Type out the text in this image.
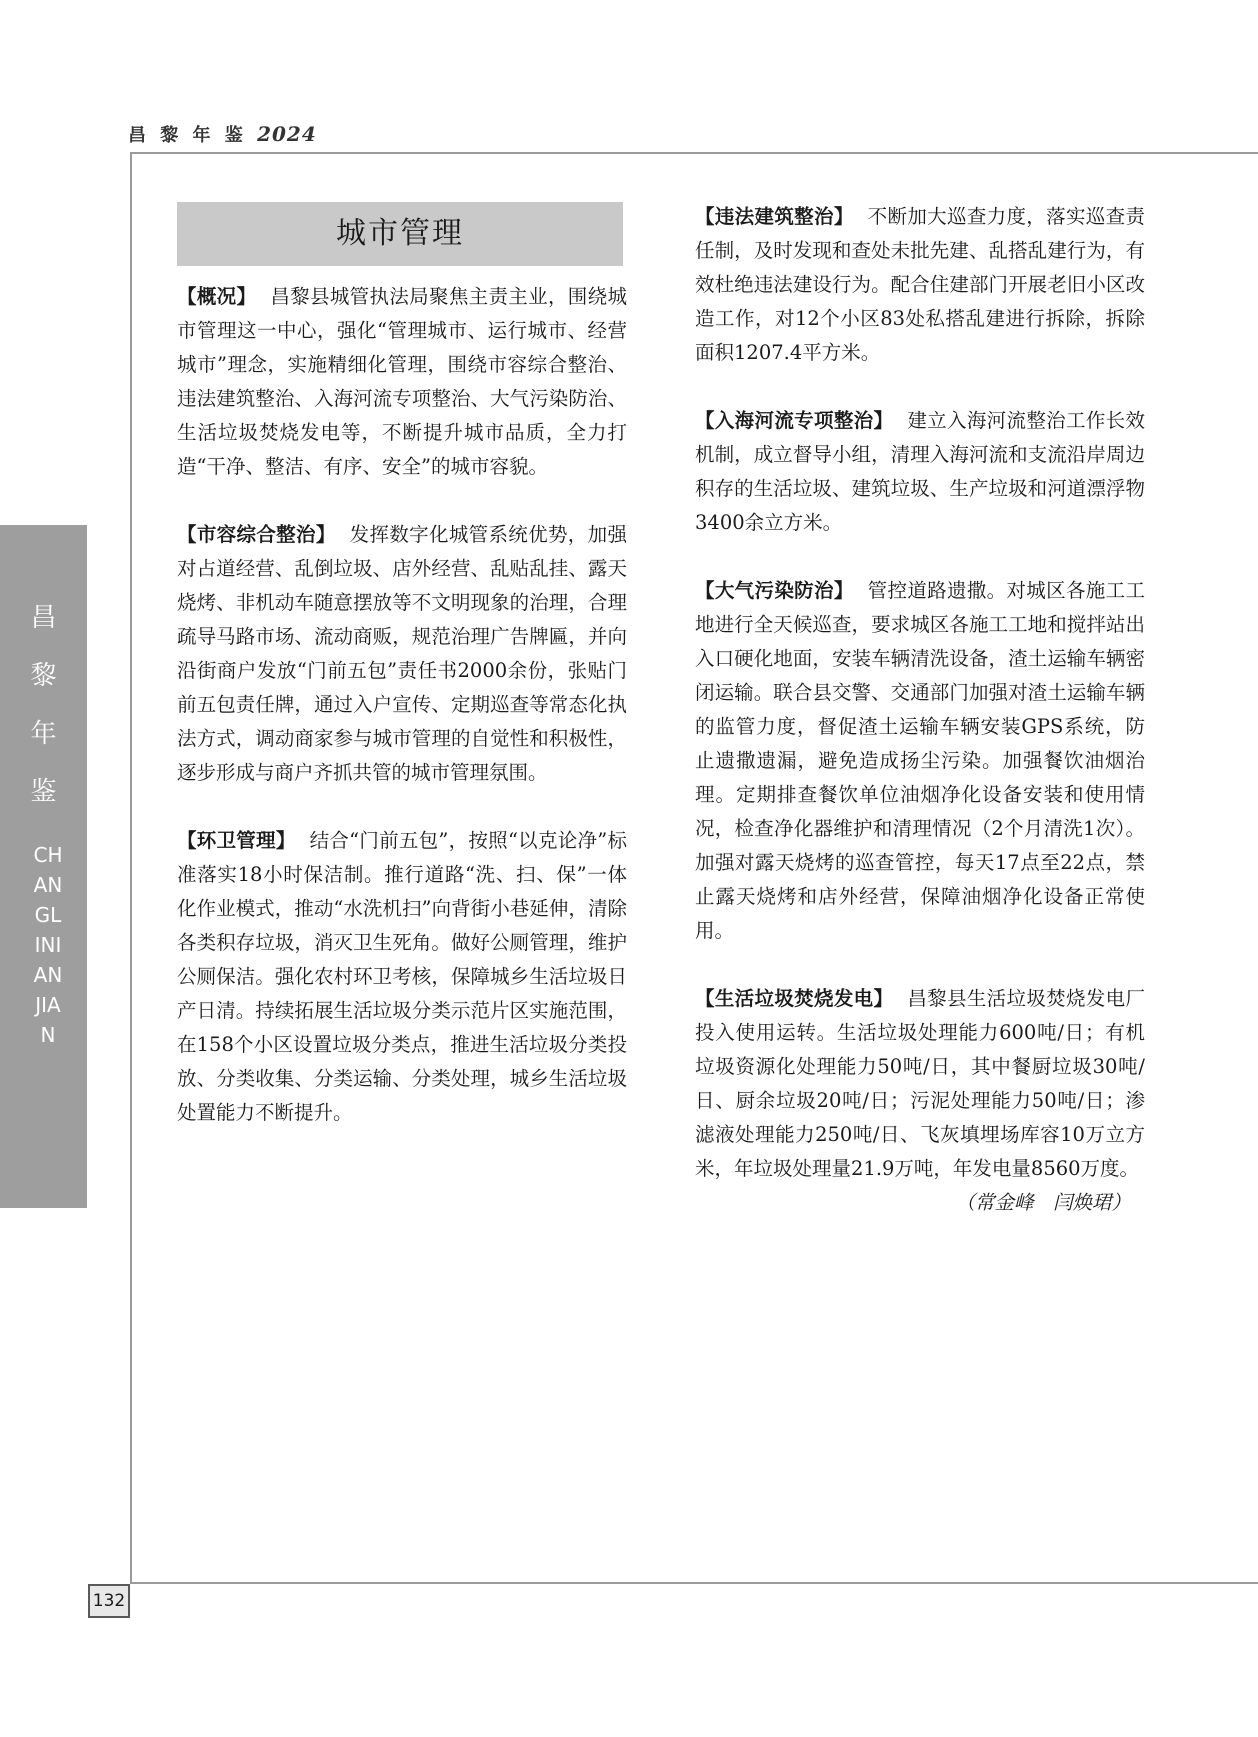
昌 黎 年 鉴 2024
昌黎年鉴
CHANGLINIANJIAN
132
城市管理

【概况】 昌黎县城管执法局聚焦主责主业，围绕城市管理这一中心，强化“管理城市、运行城市、经营城市”理念，实施精细化管理，围绕市容综合整治、违法建筑整治、入海河流专项整治、大气污染防治、生活垃圾焚烧发电等，不断提升城市品质，全力打造“干净、整洁、有序、安全”的城市容貌。

【市容综合整治】 发挥数字化城管系统优势，加强对占道经营、乱倒垃圾、店外经营、乱贴乱挂、露天烧烤、非机动车随意摆放等不文明现象的治理，合理疏导马路市场、流动商贩，规范治理广告牌匾，并向沿街商户发放“门前五包”责任书2000余份，张贴门前五包责任牌，通过入户宣传、定期巡查等常态化执法方式，调动商家参与城市管理的自觉性和积极性，逐步形成与商户齐抓共管的城市管理氛围。

【环卫管理】 结合“门前五包”，按照“以克论净”标准落实18小时保洁制。推行道路“洗、扫、保”一体化作业模式，推动“水洗机扫”向背街小巷延伸，清除各类积存垃圾，消灭卫生死角。做好公厕管理，维护公厕保洁。强化农村环卫考核，保障城乡生活垃圾日产日清。持续拓展生活垃圾分类示范片区实施范围，在158个小区设置垃圾分类点，推进生活垃圾分类投放、分类收集、分类运输、分类处理，城乡生活垃圾处置能力不断提升。

【违法建筑整治】 不断加大巡查力度，落实巡查责任制，及时发现和查处未批先建、乱搭乱建行为，有效杜绝违法建设行为。配合住建部门开展老旧小区改造工作，对12个小区83处私搭乱建进行拆除，拆除面积1207.4平方米。

【入海河流专项整治】 建立入海河流整治工作长效机制，成立督导小组，清理入海河流和支流沿岸周边积存的生活垃圾、建筑垃圾、生产垃圾和河道漂浮物3400余立方米。

【大气污染防治】 管控道路遗撒。对城区各施工工地进行全天候巡查，要求城区各施工工地和搅拌站出入口硬化地面，安装车辆清洗设备，渣土运输车辆密闭运输。联合县交警、交通部门加强对渣土运输车辆的监管力度，督促渣土运输车辆安装GPS系统，防止遗撒遗漏，避免造成扬尘污染。加强餐饮油烟治理。定期排查餐饮单位油烟净化设备安装和使用情况，检查净化器维护和清理情况（2个月清洗1次）。加强对露天烧烤的巡查管控，每天17点至22点，禁止露天烧烤和店外经营，保障油烟净化设备正常使用。

【生活垃圾焚烧发电】 昌黎县生活垃圾焚烧发电厂投入使用运转。生活垃圾处理能力600吨/日；有机垃圾资源化处理能力50吨/日，其中餐厨垃圾30吨/日、厨余垃圾20吨/日；污泥处理能力50吨/日；渗滤液处理能力250吨/日、飞灰填埋场库容10万立方米，年垃圾处理量21.9万吨，年发电量8560万度。

（常金峰　闫焕珺）
